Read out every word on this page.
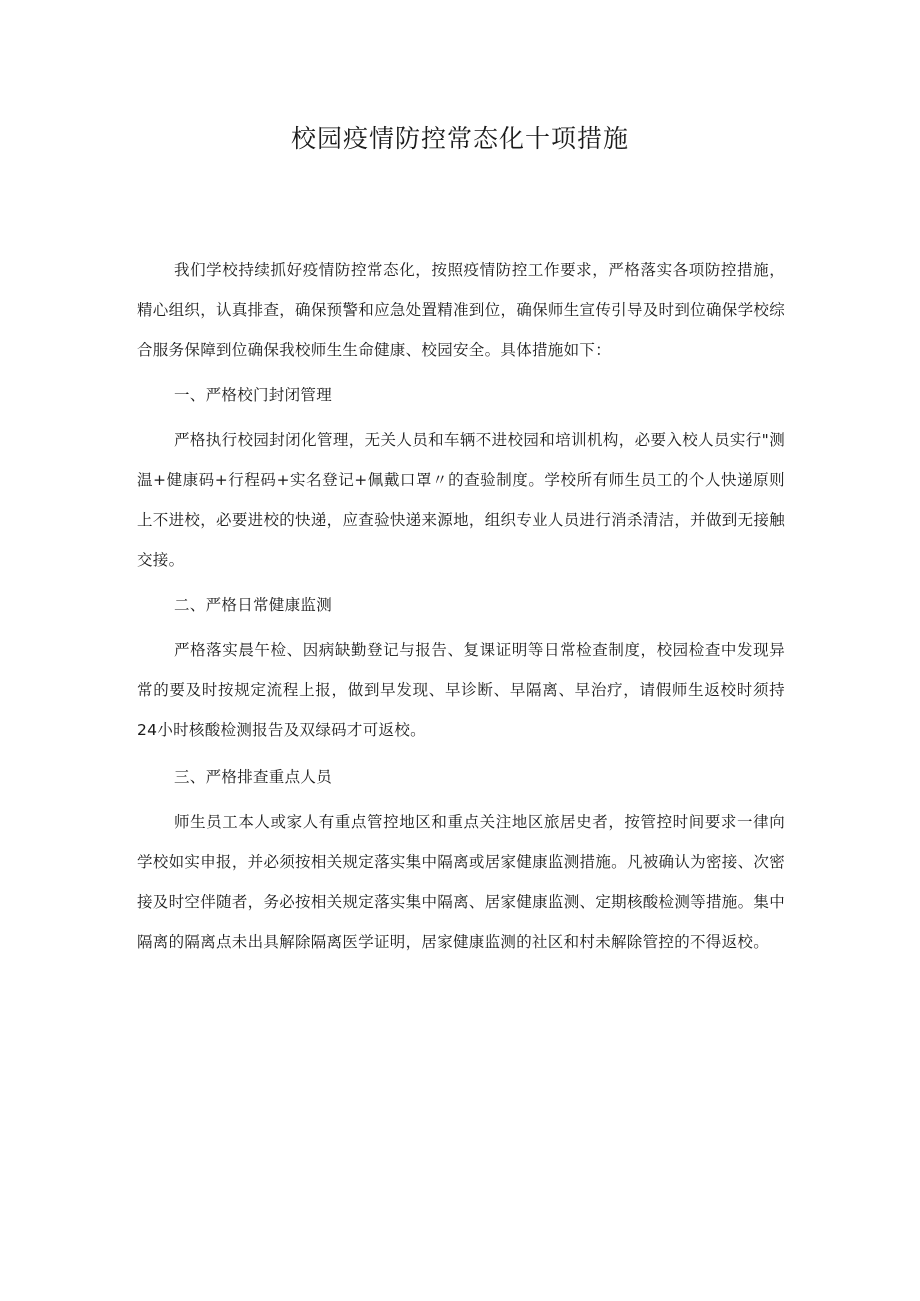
校园疫情防控常态化十项措施

我们学校持续抓好疫情防控常态化，按照疫情防控工作要求，严格落实各项防控措施，精心组织，认真排查，确保预警和应急处置精准到位，确保师生宣传引导及时到位确保学校综合服务保障到位确保我校师生生命健康、校园安全。具体措施如下：

一、严格校门封闭管理

严格执行校园封闭化管理，无关人员和车辆不进校园和培训机构，必要入校人员实行"测温+健康码+行程码+实名登记+佩戴口罩〃的查验制度。学校所有师生员工的个人快递原则上不进校，必要进校的快递，应查验快递来源地，组织专业人员进行消杀清洁，并做到无接触交接。

二、严格日常健康监测

严格落实晨午检、因病缺勤登记与报告、复课证明等日常检查制度，校园检查中发现异常的要及时按规定流程上报，做到早发现、早诊断、早隔离、早治疗，请假师生返校时须持24小时核酸检测报告及双绿码才可返校。

三、严格排查重点人员

师生员工本人或家人有重点管控地区和重点关注地区旅居史者，按管控时间要求一律向学校如实申报，并必须按相关规定落实集中隔离或居家健康监测措施。凡被确认为密接、次密接及时空伴随者，务必按相关规定落实集中隔离、居家健康监测、定期核酸检测等措施。集中隔离的隔离点未出具解除隔离医学证明，居家健康监测的社区和村未解除管控的不得返校。
